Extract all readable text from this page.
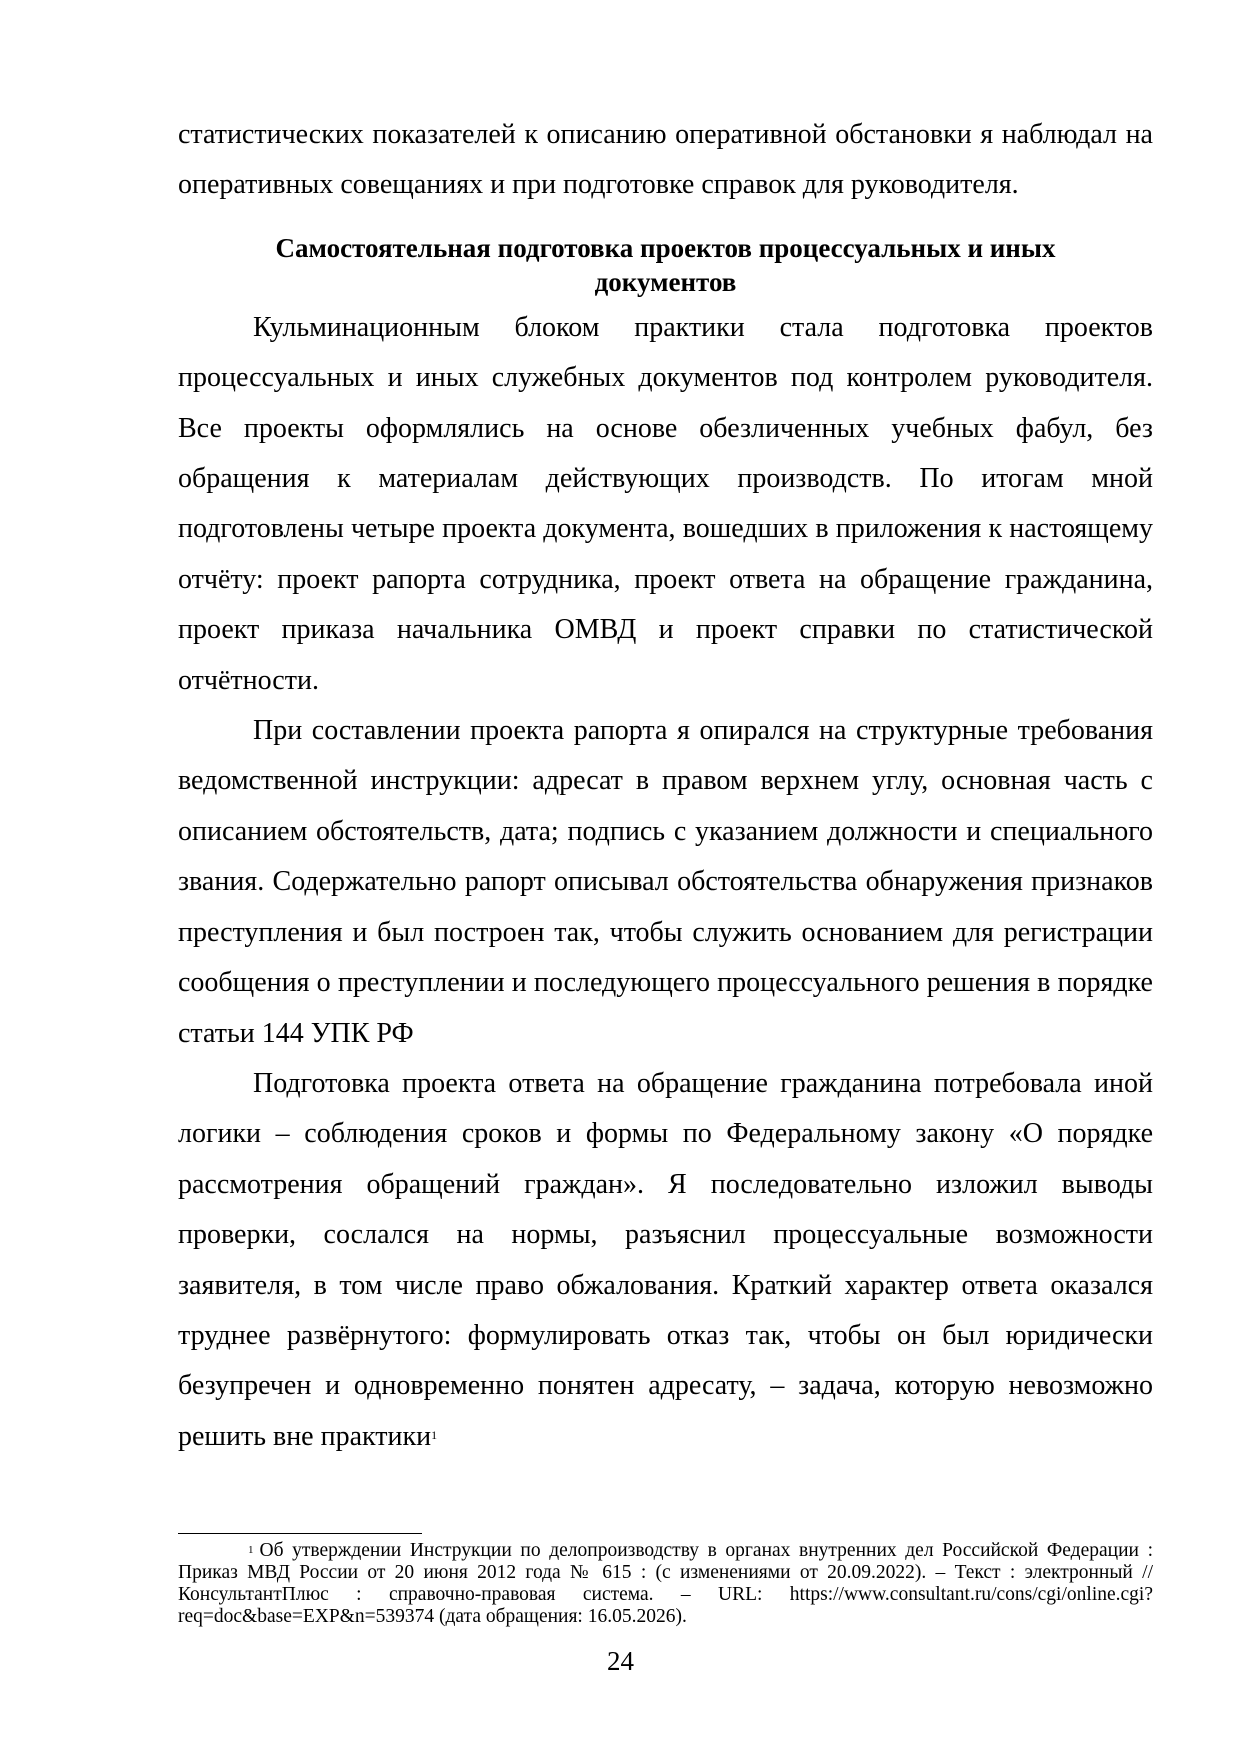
статистических показателей к описанию оперативной обстановки я наблюдал на оперативных совещаниях и при подготовке справок для руководителя.

Самостоятельная подготовка проектов процессуальных и иных документов

Кульминационным блоком практики стала подготовка проектов процессуальных и иных служебных документов под контролем руководителя. Все проекты оформлялись на основе обезличенных учебных фабул, без обращения к материалам действующих производств. По итогам мной подготовлены четыре проекта документа, вошедших в приложения к настоящему отчёту: проект рапорта сотрудника, проект ответа на обращение гражданина, проект приказа начальника ОМВД и проект справки по статистической отчётности.

При составлении проекта рапорта я опирался на структурные требования ведомственной инструкции: адресат в правом верхнем углу, основная часть с описанием обстоятельств, дата; подпись с указанием должности и специального звания. Содержательно рапорт описывал обстоятельства обнаружения признаков преступления и был построен так, чтобы служить основанием для регистрации сообщения о преступлении и последующего процессуального решения в порядке статьи 144 УПК РФ

Подготовка проекта ответа на обращение гражданина потребовала иной логики – соблюдения сроков и формы по Федеральному закону «О порядке рассмотрения обращений граждан». Я последовательно изложил выводы проверки, сослался на нормы, разъяснил процессуальные возможности заявителя, в том числе право обжалования. Краткий характер ответа оказался труднее развёрнутого: формулировать отказ так, чтобы он был юридически безупречен и одновременно понятен адресату, – задача, которую невозможно решить вне практики$^1$

$^1$ Об утверждении Инструкции по делопроизводству в органах внутренних дел Российской Федерации : Приказ МВД России от 20 июня 2012 года № 615 : (с изменениями от 20.09.2022). – Текст : электронный // КонсультантПлюс : справочно-правовая система. – URL: https://www.consultant.ru/cons/cgi/online.cgi?req=doc&base=EXP&n=539374 (дата обращения: 16.05.2026).

24
